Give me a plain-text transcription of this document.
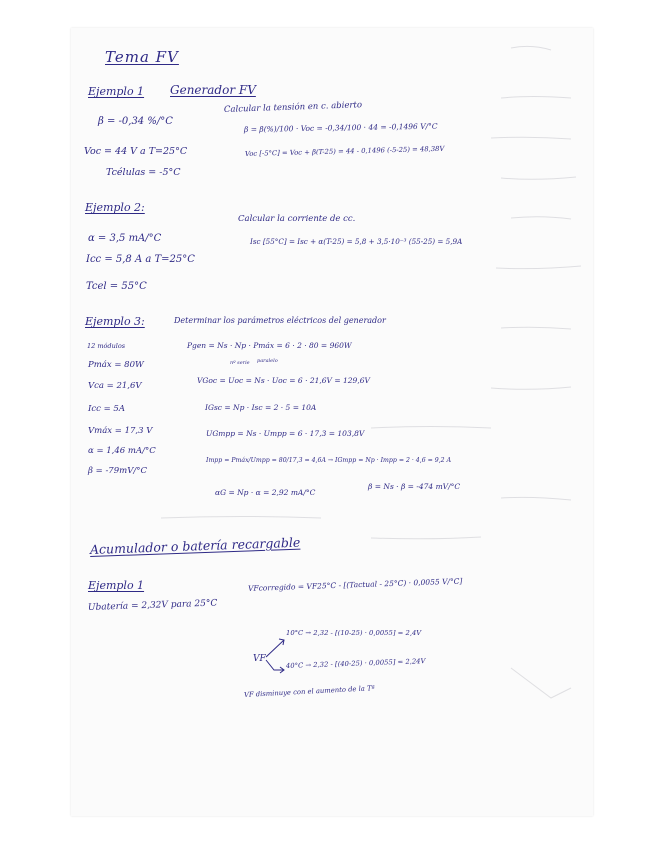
Tema FV

Ejemplo 1 Generador FV

β = -0,34 %/°C

Calcular la tensión en c. abierto

β = β(%)/100 · Voc = -0,34/100 · 44 = -0,1496 V/°C

Voc = 44 V a T=25°C	Voc [-5°C] = Voc + β(T-25) = 44 - 0,1496 (-5-25) = 48,38V

Tcélulas = -5°C

Ejemplo 2:

Calcular la corriente de cc.

α = 3,5 mA/°C	Isc [55°C] = Isc + α(T-25) = 5,8 + 3,5·10⁻³ (55-25) = 5,9A

Icc = 5,8 A a T=25°C

Tcel = 55°C

Ejemplo 3:	Determinar los parámetros eléctricos del generador

12 módulos	Pgen = Ns · Np · Pmáx = 6 · 2 · 80 = 960W

Pmáx = 80W	nº serie paralelo

Vca = 21,6V

VGoc = Uoc = Ns · Uoc = 6 · 21,6V = 129,6V

Icc = 5A	IGsc = Np · Isc = 2 · 5 = 10A

Vmáx = 17,3 V	UGmpp = Ns · Umpp = 6 · 17,3 = 103,8V

α = 1,46 mA/°C

Impp = Pmáx/Umpp = 80/17,3 = 4,6A → IGmpp = Np · Impp = 2 · 4,6 = 9,2 A

β = -79mV/°C

αG = Np · α = 2,92 mA/°C

β = Ns · β = -474 mV/°C

Acumulador o batería recargable

Ejemplo 1

Ubatería = 2,32V para 25°C

VFcorregido = VF25°C - [(Tactual - 25°C) · 0,0055 V/°C]

VF

10°C → 2,32 - [(10-25) · 0,0055] = 2,4V

40°C → 2,32 - [(40-25) · 0,0055] = 2,24V

VF disminuye con el aumento de la Tª
